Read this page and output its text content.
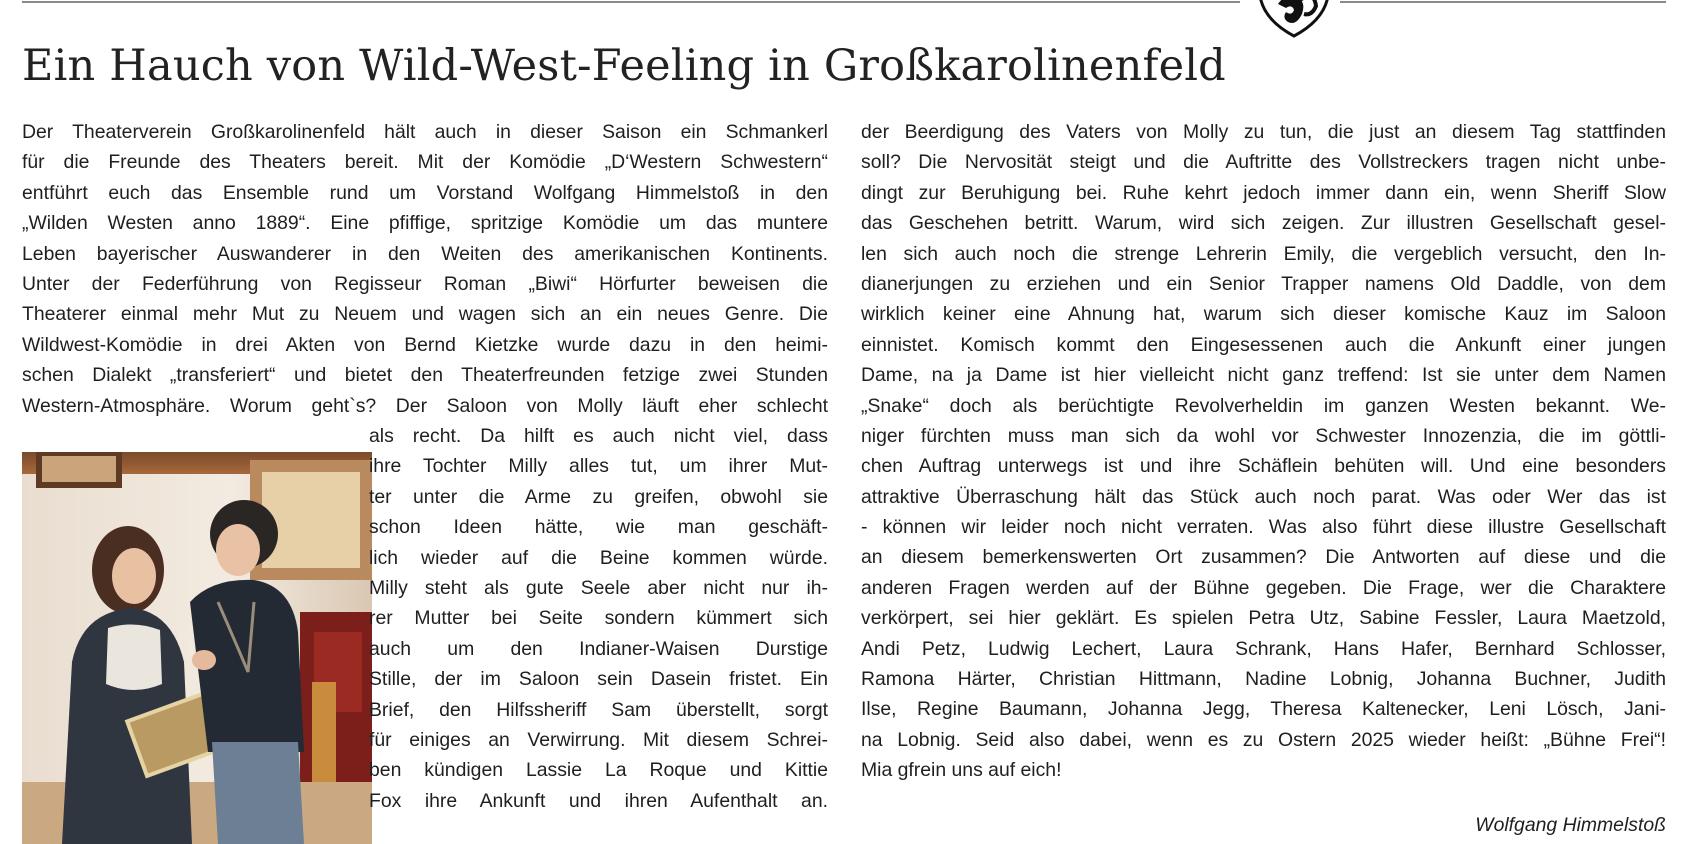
Ein Hauch von Wild-West-Feeling in Großkarolinenfeld
Der Theaterverein Großkarolinenfeld hält auch in dieser Saison ein Schmankerl
für die Freunde des Theaters bereit. Mit der Komödie „D‘Western Schwestern“
entführt euch das Ensemble rund um Vorstand Wolfgang Himmelstoß in den
„Wilden Westen anno 1889“. Eine pfiffige, spritzige Komödie um das muntere
Leben bayerischer Auswanderer in den Weiten des amerikanischen Kontinents.
Unter der Federführung von Regisseur Roman „Biwi“ Hörfurter beweisen die
Theaterer einmal mehr Mut zu Neuem und wagen sich an ein neues Genre. Die
Wildwest-Komödie in drei Akten von Bernd Kietzke wurde dazu in den heimi-
schen Dialekt „transferiert“ und bietet den Theaterfreunden fetzige zwei Stunden
Western-Atmosphäre. Worum geht`s? Der Saloon von Molly läuft eher schlecht
als recht. Da hilft es auch nicht viel, dass
ihre Tochter Milly alles tut, um ihrer Mut-
ter unter die Arme zu greifen, obwohl sie
schon Ideen hätte, wie man geschäft-
lich wieder auf die Beine kommen würde.
Milly steht als gute Seele aber nicht nur ih-
rer Mutter bei Seite sondern kümmert sich
auch um den Indianer-Waisen Durstige
Stille, der im Saloon sein Dasein fristet. Ein
Brief, den Hilfssheriff Sam überstellt, sorgt
für einiges an Verwirrung. Mit diesem Schrei-
ben kündigen Lassie La Roque und Kittie
Fox ihre Ankunft und ihren Aufenthalt an.
der Beerdigung des Vaters von Molly zu tun, die just an diesem Tag stattfinden
soll? Die Nervosität steigt und die Auftritte des Vollstreckers tragen nicht unbe-
dingt zur Beruhigung bei. Ruhe kehrt jedoch immer dann ein, wenn Sheriff Slow
das Geschehen betritt. Warum, wird sich zeigen. Zur illustren Gesellschaft gesel-
len sich auch noch die strenge Lehrerin Emily, die vergeblich versucht, den In-
dianerjungen zu erziehen und ein Senior Trapper namens Old Daddle, von dem
wirklich keiner eine Ahnung hat, warum sich dieser komische Kauz im Saloon
einnistet. Komisch kommt den Eingesessenen auch die Ankunft einer jungen
Dame, na ja Dame ist hier vielleicht nicht ganz treffend: Ist sie unter dem Namen
„Snake“ doch als berüchtigte Revolverheldin im ganzen Westen bekannt. We-
niger fürchten muss man sich da wohl vor Schwester Innozenzia, die im göttli-
chen Auftrag unterwegs ist und ihre Schäflein behüten will. Und eine besonders
attraktive Überraschung hält das Stück auch noch parat. Was oder Wer das ist
- können wir leider noch nicht verraten. Was also führt diese illustre Gesellschaft
an diesem bemerkenswerten Ort zusammen? Die Antworten auf diese und die
anderen Fragen werden auf der Bühne gegeben. Die Frage, wer die Charaktere
verkörpert, sei hier geklärt. Es spielen Petra Utz, Sabine Fessler, Laura Maetzold,
Andi Petz, Ludwig Lechert, Laura Schrank, Hans Hafer, Bernhard Schlosser,
Ramona Härter, Christian Hittmann, Nadine Lobnig, Johanna Buchner, Judith
Ilse, Regine Baumann, Johanna Jegg, Theresa Kaltenecker, Leni Lösch, Jani-
na Lobnig. Seid also dabei, wenn es zu Ostern 2025 wieder heißt: „Bühne Frei“!
Mia gfrein uns auf eich!
Wolfgang Himmelstoß
